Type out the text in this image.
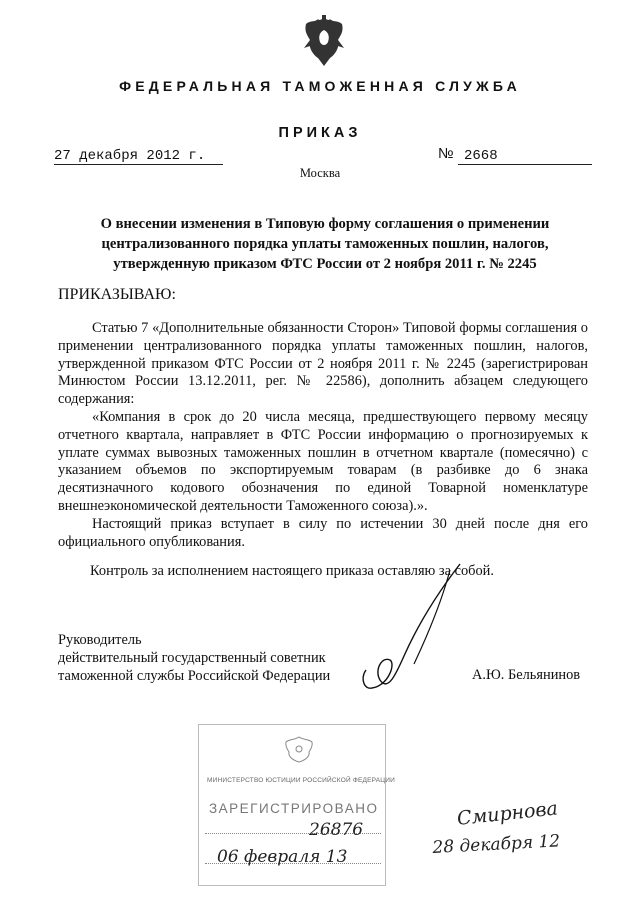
ФЕДЕРАЛЬНАЯ ТАМОЖЕННАЯ СЛУЖБА
ПРИКАЗ
27 декабря 2012 г.	№ 2668
Москва
О внесении изменения в Типовую форму соглашения о применении
централизованного порядка уплаты таможенных пошлин, налогов,
утвержденную приказом ФТС России от 2 ноября 2011 г. № 2245
ПРИКАЗЫВАЮ:

Статью 7 «Дополнительные обязанности Сторон» Типовой формы соглашения о применении централизованного порядка уплаты таможенных пошлин, налогов, утвержденной приказом ФТС России от 2 ноября 2011 г. № 2245 (зарегистрирован Минюстом России 13.12.2011, рег. № 22586), дополнить абзацем следующего содержания:

«Компания в срок до 20 числа месяца, предшествующего первому месяцу отчетного квартала, направляет в ФТС России информацию о прогнозируемых к уплате суммах вывозных таможенных пошлин в отчетном квартале (помесячно) с указанием объемов по экспортируемым товарам (в разбивке до 6 знака десятизначного кодового обозначения по единой Товарной номенклатуре внешнеэкономической деятельности Таможенного союза).».

Настоящий приказ вступает в силу по истечении 30 дней после дня его официального опубликования.

Контроль за исполнением настоящего приказа оставляю за собой.
Руководитель
действительный государственный советник
таможенной службы Российской Федерации	А.Ю. Бельянинов
МИНИСТЕРСТВО ЮСТИЦИИ РОССИЙСКОЙ ФЕДЕРАЦИИ
ЗАРЕГИСТРИРОВАНО
26876
06 февраля 13
Смирнова
28 декабря 12
